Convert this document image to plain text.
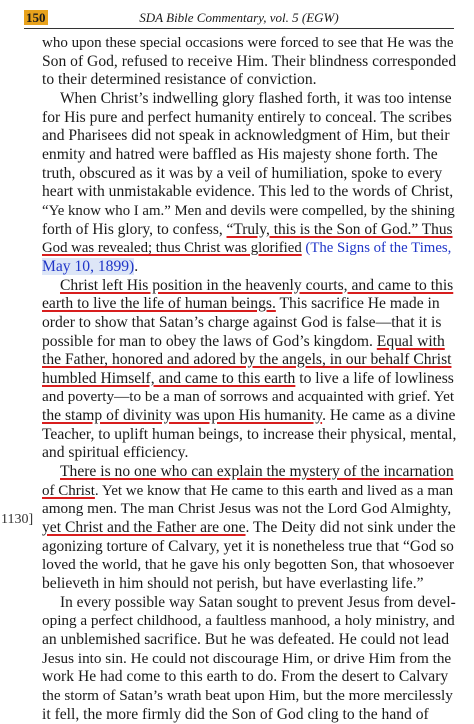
150	SDA Bible Commentary, vol. 5 (EGW)
who upon these special occasions were forced to see that He was the
Son of God, refused to receive Him. Their blindness corresponded
to their determined resistance of conviction.
When Christ’s indwelling glory flashed forth, it was too intense
for His pure and perfect humanity entirely to conceal. The scribes
and Pharisees did not speak in acknowledgment of Him, but their
enmity and hatred were baffled as His majesty shone forth. The
truth, obscured as it was by a veil of humiliation, spoke to every
heart with unmistakable evidence. This led to the words of Christ,
“Ye know who I am.” Men and devils were compelled, by the shining
forth of His glory, to confess, “Truly, this is the Son of God.” Thus
God was revealed; thus Christ was glorified (The Signs of the Times,
May 10, 1899).
Christ left His position in the heavenly courts, and came to this
earth to live the life of human beings. This sacrifice He made in
order to show that Satan’s charge against God is false—that it is
possible for man to obey the laws of God’s kingdom. Equal with
the Father, honored and adored by the angels, in our behalf Christ
humbled Himself, and came to this earth to live a life of lowliness
and poverty—to be a man of sorrows and acquainted with grief. Yet
the stamp of divinity was upon His humanity. He came as a divine
Teacher, to uplift human beings, to increase their physical, mental,
and spiritual efficiency.
There is no one who can explain the mystery of the incarnation
of Christ. Yet we know that He came to this earth and lived as a man
among men. The man Christ Jesus was not the Lord God Almighty,
yet Christ and the Father are one. The Deity did not sink under the
agonizing torture of Calvary, yet it is nonetheless true that “God so
loved the world, that he gave his only begotten Son, that whosoever
believeth in him should not perish, but have everlasting life.”
In every possible way Satan sought to prevent Jesus from devel-
oping a perfect childhood, a faultless manhood, a holy ministry, and
an unblemished sacrifice. But he was defeated. He could not lead
Jesus into sin. He could not discourage Him, or drive Him from the
work He had come to this earth to do. From the desert to Calvary
the storm of Satan’s wrath beat upon Him, but the more mercilessly
it fell, the more firmly did the Son of God cling to the hand of
1130]
